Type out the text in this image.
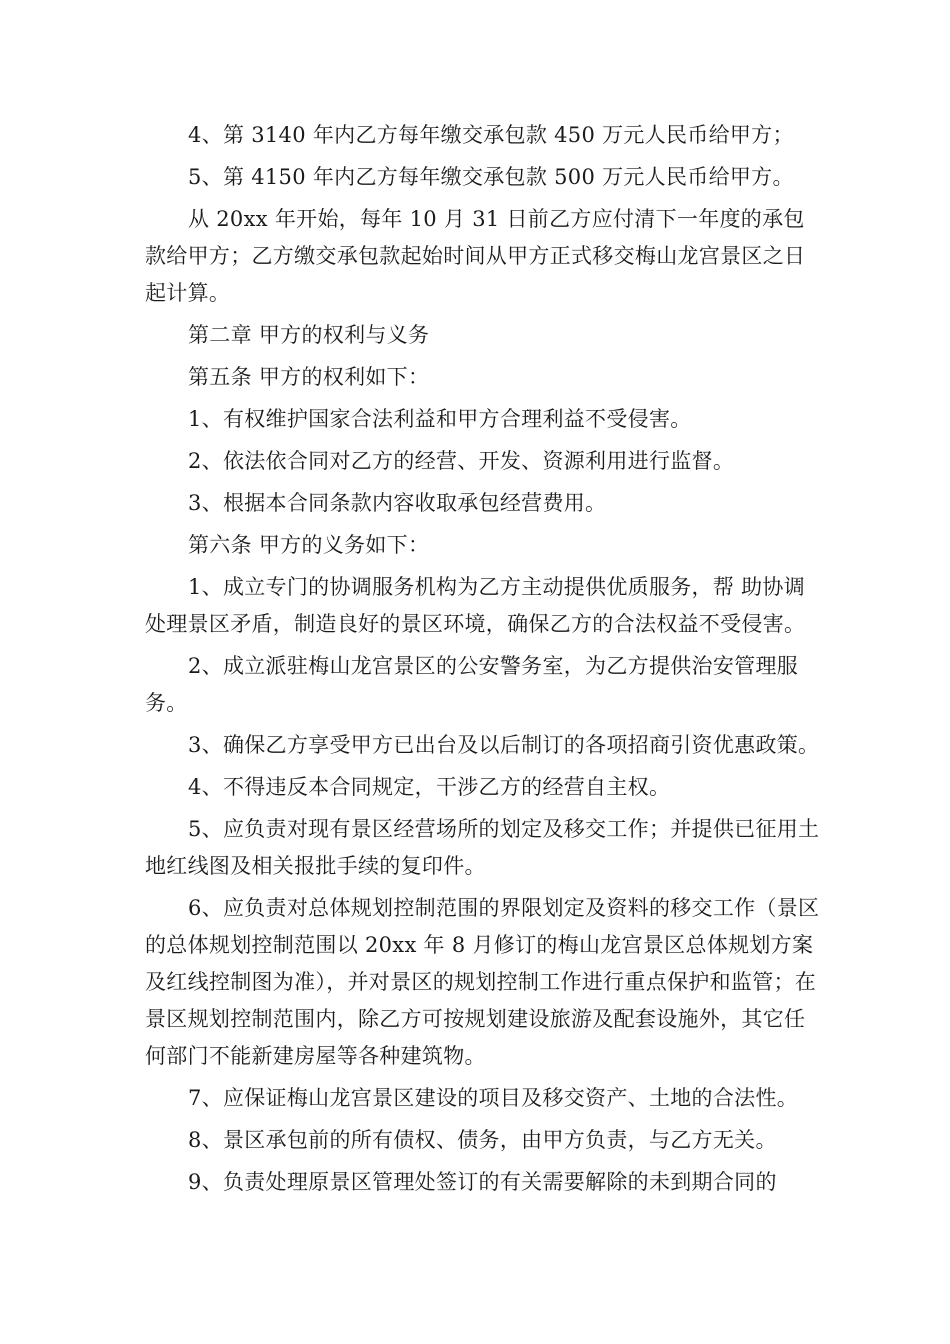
4、第 3140 年内乙方每年缴交承包款 450 万元人民币给甲方；

5、第 4150 年内乙方每年缴交承包款 500 万元人民币给甲方。

从 20xx 年开始，每年 10 月 31 日前乙方应付清下一年度的承包款给甲方；乙方缴交承包款起始时间从甲方正式移交梅山龙宫景区之日起计算。

第二章 甲方的权利与义务

第五条 甲方的权利如下：

1、有权维护国家合法利益和甲方合理利益不受侵害。

2、依法依合同对乙方的经营、开发、资源利用进行监督。

3、根据本合同条款内容收取承包经营费用。

第六条 甲方的义务如下：

1、成立专门的协调服务机构为乙方主动提供优质服务，帮 助协调处理景区矛盾，制造良好的景区环境，确保乙方的合法权益不受侵害。

2、成立派驻梅山龙宫景区的公安警务室，为乙方提供治安管理服务。

3、确保乙方享受甲方已出台及以后制订的各项招商引资优惠政策。

4、不得违反本合同规定，干涉乙方的经营自主权。

5、应负责对现有景区经营场所的划定及移交工作；并提供已征用土地红线图及相关报批手续的复印件。

6、应负责对总体规划控制范围的界限划定及资料的移交工作（景区的总体规划控制范围以 20xx 年 8 月修订的梅山龙宫景区总体规划方案及红线控制图为准），并对景区的规划控制工作进行重点保护和监管；在景区规划控制范围内，除乙方可按规划建设旅游及配套设施外，其它任何部门不能新建房屋等各种建筑物。

7、应保证梅山龙宫景区建设的项目及移交资产、土地的合法性。

8、景区承包前的所有债权、债务，由甲方负责，与乙方无关。

9、负责处理原景区管理处签订的有关需要解除的未到期合同的
